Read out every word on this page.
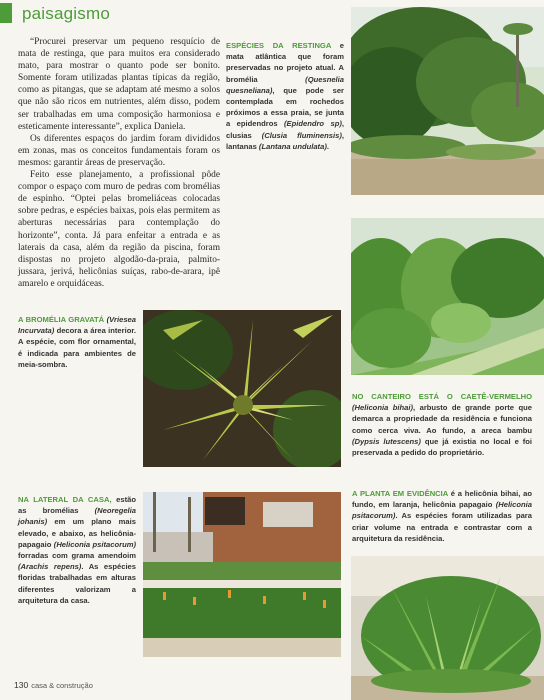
paisagismo

“Procurei preservar um pequeno resquício de mata de restinga, que para muitos era considerado mato, para mostrar o quanto pode ser bonito. Somente foram utilizadas plantas típicas da região, como as pitangas, que se adaptam até mesmo a solos que não são ricos em nutrientes, além disso, podem ser trabalhadas em uma composição harmoniosa e esteticamente interessante”, explica Daniela.

Os diferentes espaços do jardim foram divididos em zonas, mas os conceitos fundamentais foram os mesmos: garantir áreas de preservação.

Feito esse planejamento, a profissional pôde compor o espaço com muro de pedras com bromélias de espinho. “Optei pelas bromeliáceas colocadas sobre pedras, e espécies baixas, pois elas permitem as aberturas necessárias para contemplação do horizonte”, conta. Já para enfeitar a entrada e as laterais da casa, além da região da piscina, foram dispostas no projeto algodão-da-praia, palmito-jussara, jerivá, helicônias suíças, rabo-de-arara, ipê amarelo e orquidáceas.

ESPÉCIES DA RESTINGA e mata atlântica que foram preservadas no projeto atual. A bromélia (Quesnelia quesneliana), que pode ser contemplada em rochedos próximos a essa praia, se junta a epidendros (Epidendro sp), clusias (Clusia fluminensis), lantanas (Lantana undulata).
A BROMÉLIA GRAVATÁ (Vriesea Incurvata) decora a área interior. A espécie, com flor ornamental, é indicada para ambientes de meia-sombra.
NO CANTEIRO ESTÁ O CAETÊ-VERMELHO (Heliconia bihai), arbusto de grande porte que demarca a propriedade da residência e funciona como cerca viva. Ao fundo, a areca bambu (Dypsis lutescens) que já existia no local e foi preservada a pedido do proprietário.
NA LATERAL DA CASA, estão as bromélias (Neoregelia johanis) em um plano mais elevado, e abaixo, as helicônia-papagaio (Heliconia psitacorum) forradas com grama amendoim (Arachis repens). As espécies floridas trabalhadas em alturas diferentes valorizam a arquitetura da casa.
A PLANTA EM EVIDÊNCIA é a helicônia bihai, ao fundo, em laranja, helicônia papagaio (Heliconia psitacorum). As espécies foram utilizadas para criar volume na entrada e contrastar com a arquitetura da residência.
130 casa & construção
